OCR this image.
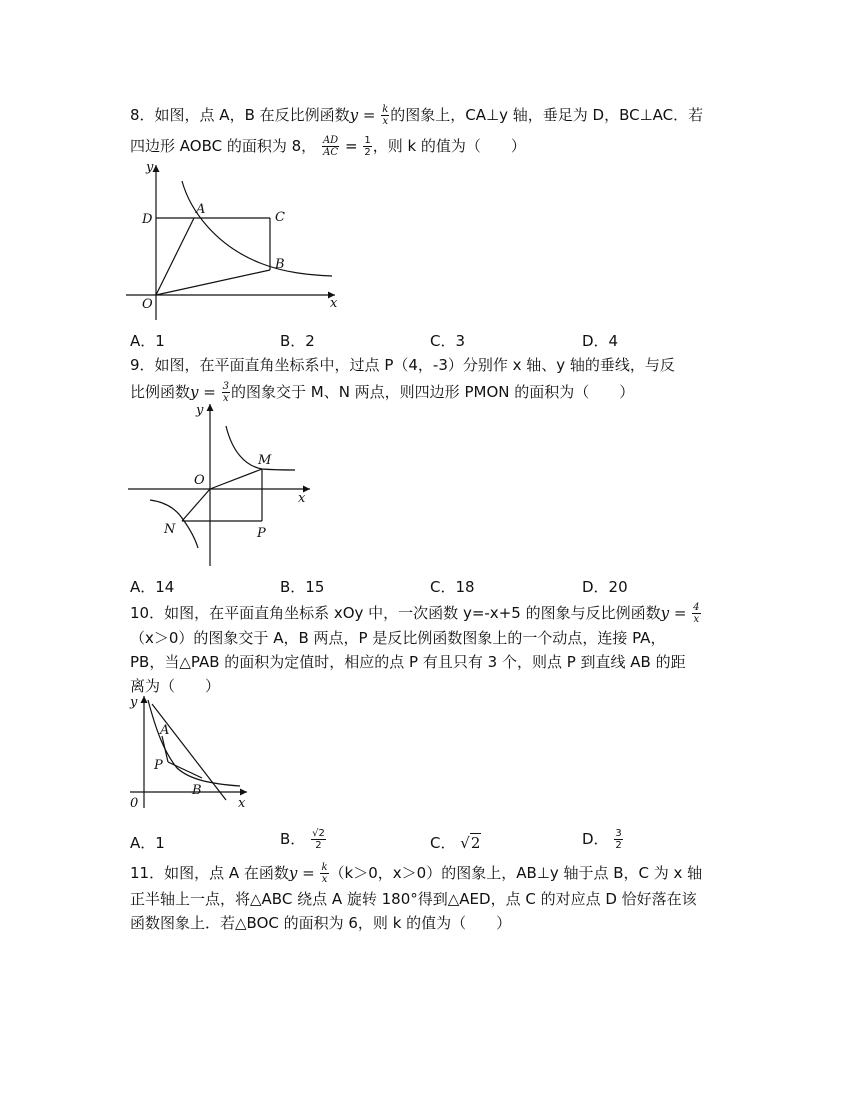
8．如图，点 A，B 在反比例函数$y = \frac{k}{x}$ 的图象上，CA⊥y 轴，垂足为 D，BC⊥AC．若
四边形 AOBC 的面积为 8， $\frac{AD}{AC} = \frac{1}{2}$ ，则 k 的值为（　　）
y
x
O
A
B
C
D
A．1	B．2	C．3	D．4
9．如图，在平面直角坐标系中，过点 P（4，-3）分别作 x 轴、y 轴的垂线，与反
比例函数$y = \frac{3}{x}$ 的图象交于 M、N 两点，则四边形 PMON 的面积为（　　）
y
x
O
M
N	P
A．14	B．15	C．18	D．20
10．如图，在平面直角坐标系 xOy 中，一次函数 y=-x+5 的图象与反比例函数$y = \frac{4}{x}$
（x＞0）的图象交于 A，B 两点，P 是反比例函数图象上的一个动点，连接 PA，
PB，当△PAB 的面积为定值时，相应的点 P 有且只有 3 个，则点 P 到直线 AB 的距
离为（　　）
y
x
0
A
P
B
A．1	B． $\frac{√2}{2}$	C． √2	D． $\frac{3}{2}$
11．如图，点 A 在函数$y = \frac{k}{x} (k>0$，x＞0）的图象上，AB⊥y 轴于点 B，C 为 x 轴
正半轴上一点，将△ABC 绕点 A 旋转 180°得到△AED，点 C 的对应点 D 恰好落在该
函数图象上．若△BOC 的面积为 6，则 k 的值为（　　）
